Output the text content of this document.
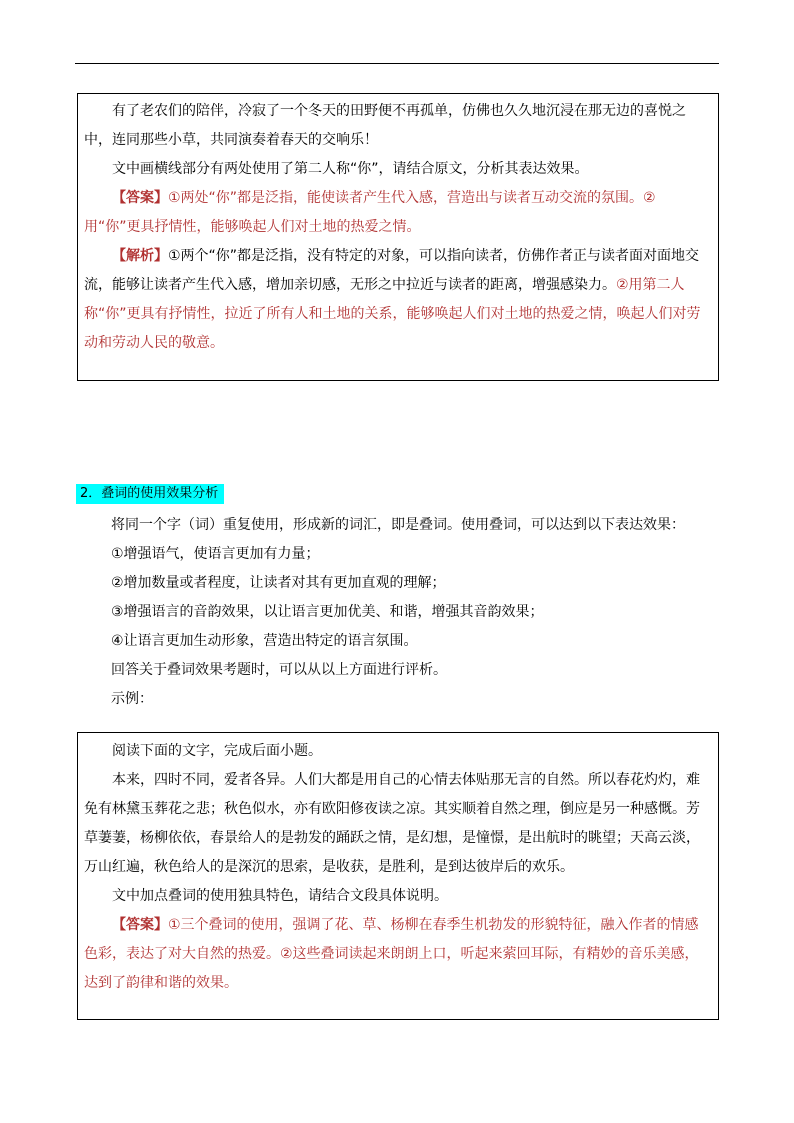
有了老农们的陪伴，冷寂了一个冬天的田野便不再孤单，仿佛也久久地沉浸在那无边的喜悦之中，连同那些小草，共同演奏着春天的交响乐！

文中画横线部分有两处使用了第二人称“你”，请结合原文，分析其表达效果。

【答案】①两处“你”都是泛指，能使读者产生代入感，营造出与读者互动交流的氛围。②用“你”更具抒情性，能够唤起人们对土地的热爱之情。

【解析】①两个“你”都是泛指，没有特定的对象，可以指向读者，仿佛作者正与读者面对面地交流，能够让读者产生代入感，增加亲切感，无形之中拉近与读者的距离，增强感染力。②用第二人称“你”更具有抒情性，拉近了所有人和土地的关系，能够唤起人们对土地的热爱之情，唤起人们对劳动和劳动人民的敬意。

2．叠词的使用效果分析

将同一个字（词）重复使用，形成新的词汇，即是叠词。使用叠词，可以达到以下表达效果：

①增强语气，使语言更加有力量；

②增加数量或者程度，让读者对其有更加直观的理解；

③增强语言的音韵效果，以让语言更加优美、和谐，增强其音韵效果；

④让语言更加生动形象，营造出特定的语言氛围。

回答关于叠词效果考题时，可以从以上方面进行评析。

示例：

阅读下面的文字，完成后面小题。

本来，四时不同，爱者各异。人们大都是用自己的心情去体贴那无言的自然。所以春花灼灼，难免有林黛玉葬花之悲；秋色似水，亦有欧阳修夜读之凉。其实顺着自然之理，倒应是另一种感慨。芳草萋萋，杨柳依依，春景给人的是勃发的踊跃之情，是幻想，是憧憬，是出航时的眺望；天高云淡，万山红遍，秋色给人的是深沉的思索，是收获，是胜利，是到达彼岸后的欢乐。

文中加点叠词的使用独具特色，请结合文段具体说明。

【答案】①三个叠词的使用，强调了花、草、杨柳在春季生机勃发的形貌特征，融入作者的情感色彩，表达了对大自然的热爱。②这些叠词读起来朗朗上口，听起来萦回耳际，有精妙的音乐美感，达到了韵律和谐的效果。
